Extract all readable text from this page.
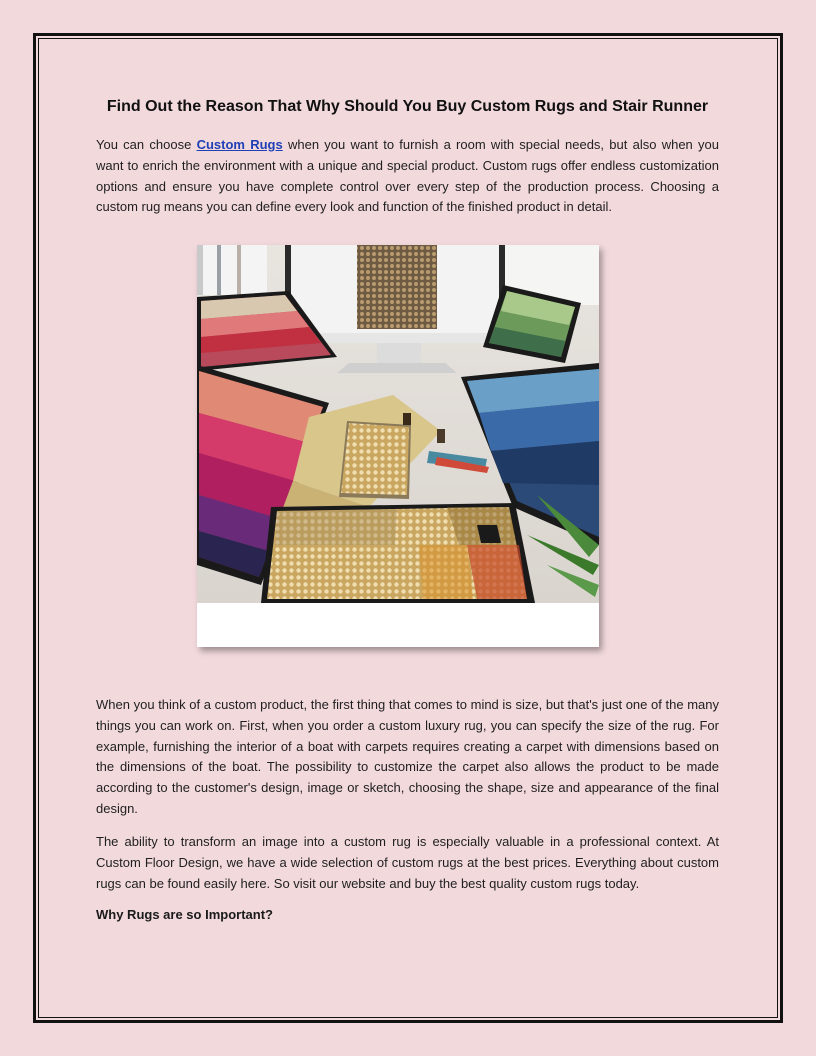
Find Out the Reason That Why Should You Buy Custom Rugs and Stair Runner

You can choose Custom Rugs when you want to furnish a room with special needs, but also when you want to enrich the environment with a unique and special product. Custom rugs offer endless customization options and ensure you have complete control over every step of the production process. Choosing a custom rug means you can define every look and function of the finished product in detail.

When you think of a custom product, the first thing that comes to mind is size, but that's just one of the many things you can work on. First, when you order a custom luxury rug, you can specify the size of the rug. For example, furnishing the interior of a boat with carpets requires creating a carpet with dimensions based on the dimensions of the boat. The possibility to customize the carpet also allows the product to be made according to the customer's design, image or sketch, choosing the shape, size and appearance of the final design.

The ability to transform an image into a custom rug is especially valuable in a professional context. At Custom Floor Design, we have a wide selection of custom rugs at the best prices. Everything about custom rugs can be found easily here. So visit our website and buy the best quality custom rugs today.

Why Rugs are so Important?
